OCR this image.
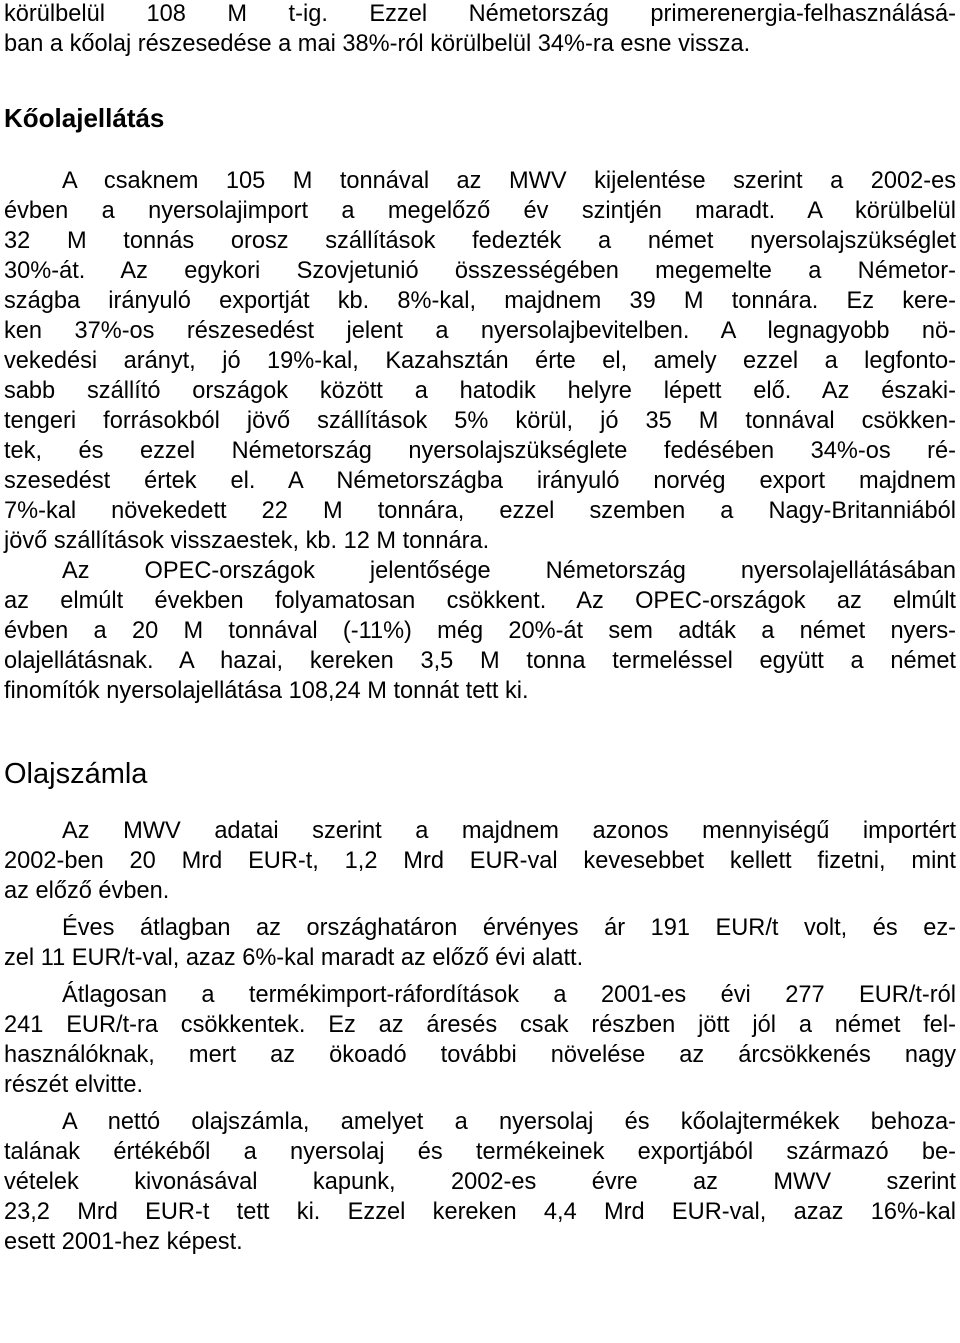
körülbelül 108 M t-ig. Ezzel Németország primerenergia-felhasználásá-
ban a kőolaj részesedése a mai 38%-ról körülbelül 34%-ra esne vissza.
Kőolajellátás
A csaknem 105 M tonnával az MWV kijelentése szerint a 2002-es
évben a nyersolajimport a megelőző év szintjén maradt. A körülbelül
32 M tonnás orosz szállítások fedezték a német nyersolajszükséglet
30%-át. Az egykori Szovjetunió összességében megemelte a Németor-
szágba irányuló exportját kb. 8%-kal, majdnem 39 M tonnára. Ez kere-
ken 37%-os részesedést jelent a nyersolajbevitelben. A legnagyobb nö-
vekedési arányt, jó 19%-kal, Kazahsztán érte el, amely ezzel a legfonto-
sabb szállító országok között a hatodik helyre lépett elő. Az északi-
tengeri forrásokból jövő szállítások 5% körül, jó 35 M tonnával csökken-
tek, és ezzel Németország nyersolajszükséglete fedésében 34%-os ré-
szesedést értek el. A Németországba irányuló norvég export majdnem
7%-kal növekedett 22 M tonnára, ezzel szemben a Nagy-Britanniából
jövő szállítások visszaestek, kb. 12 M tonnára.
Az OPEC-országok jelentősége Németország nyersolajellátásában
az elmúlt években folyamatosan csökkent. Az OPEC-országok az elmúlt
évben a 20 M tonnával (-11%) még 20%-át sem adták a német nyers-
olajellátásnak. A hazai, kereken 3,5 M tonna termeléssel együtt a német
finomítók nyersolajellátása 108,24 M tonnát tett ki.
Olajszámla
Az MWV adatai szerint a majdnem azonos mennyiségű importért
2002-ben 20 Mrd EUR-t, 1,2 Mrd EUR-val kevesebbet kellett fizetni, mint
az előző évben.
Éves átlagban az országhatáron érvényes ár 191 EUR/t volt, és ez-
zel 11 EUR/t-val, azaz 6%-kal maradt az előző évi alatt.
Átlagosan a termékimport-ráfordítások a 2001-es évi 277 EUR/t-ról
241 EUR/t-ra csökkentek. Ez az áresés csak részben jött jól a német fel-
használóknak, mert az ökoadó további növelése az árcsökkenés nagy
részét elvitte.
A nettó olajszámla, amelyet a nyersolaj és kőolajtermékek behoza-
talának értékéből a nyersolaj és termékeinek exportjából származó be-
vételek kivonásával kapunk, 2002-es évre az MWV szerint
23,2 Mrd EUR-t tett ki. Ezzel kereken 4,4 Mrd EUR-val, azaz 16%-kal
esett 2001-hez képest.
